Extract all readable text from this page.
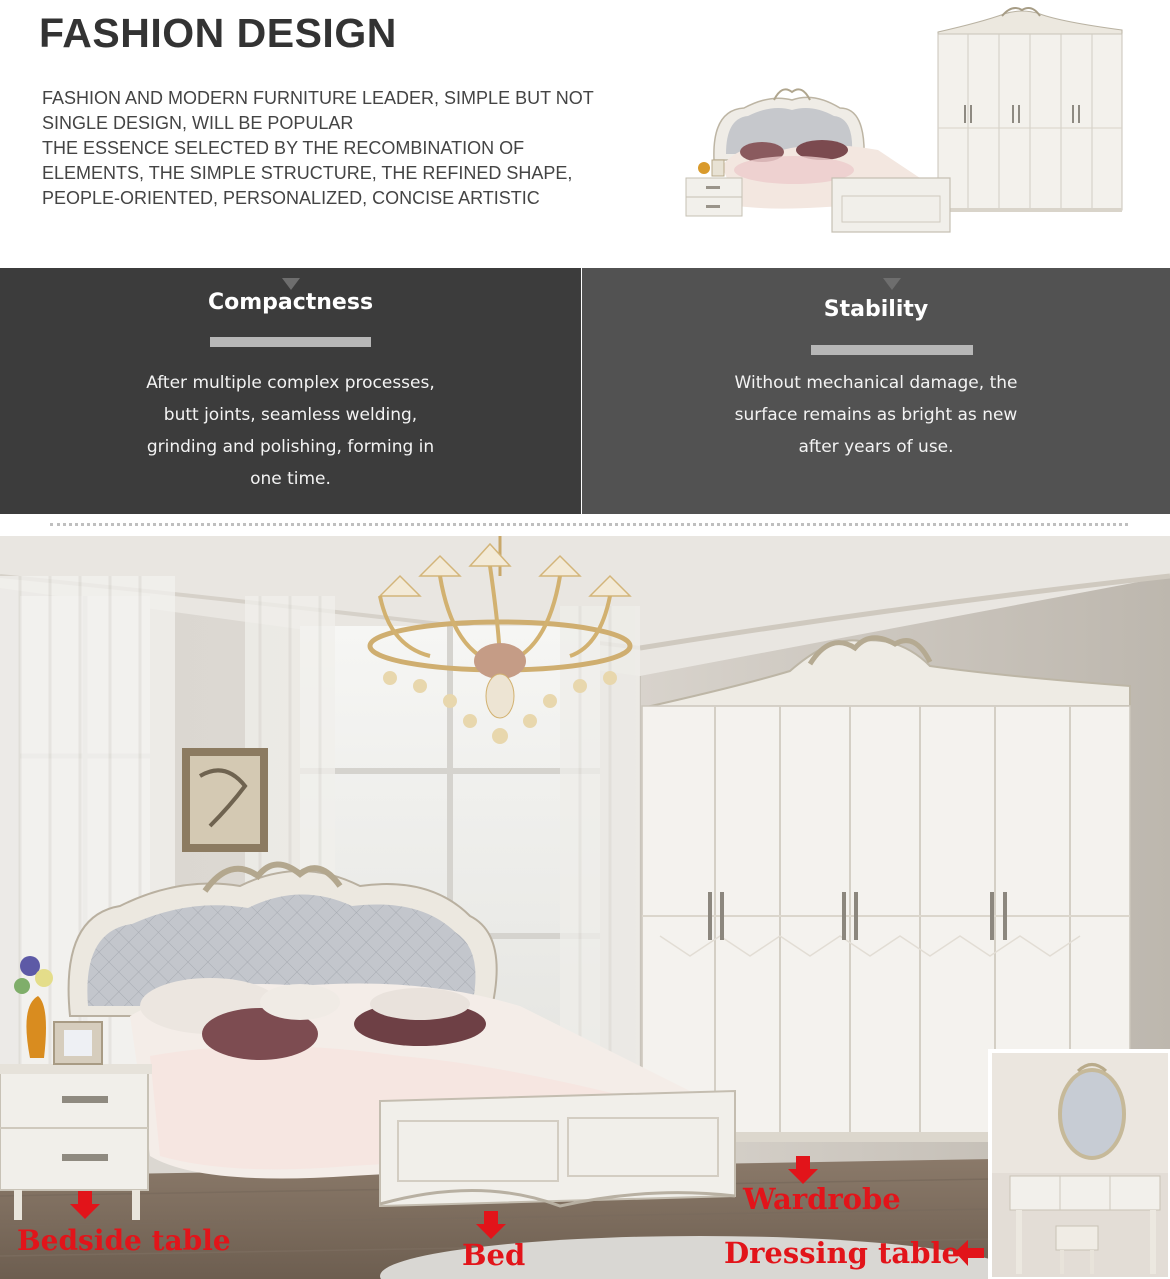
FASHION DESIGN
FASHION AND MODERN FURNITURE LEADER, SIMPLE BUT NOT
SINGLE DESIGN, WILL BE POPULAR
THE ESSENCE SELECTED BY THE RECOMBINATION OF
ELEMENTS, THE SIMPLE STRUCTURE, THE REFINED SHAPE,
PEOPLE-ORIENTED, PERSONALIZED, CONCISE ARTISTIC
Compactness
After multiple complex processes,
butt joints, seamless welding,
grinding and polishing, forming in
one time.
Stability
Without mechanical damage, the
surface remains as bright as new
after years of use.
Bedside table	Bed
Wardrobe
Dressing table
